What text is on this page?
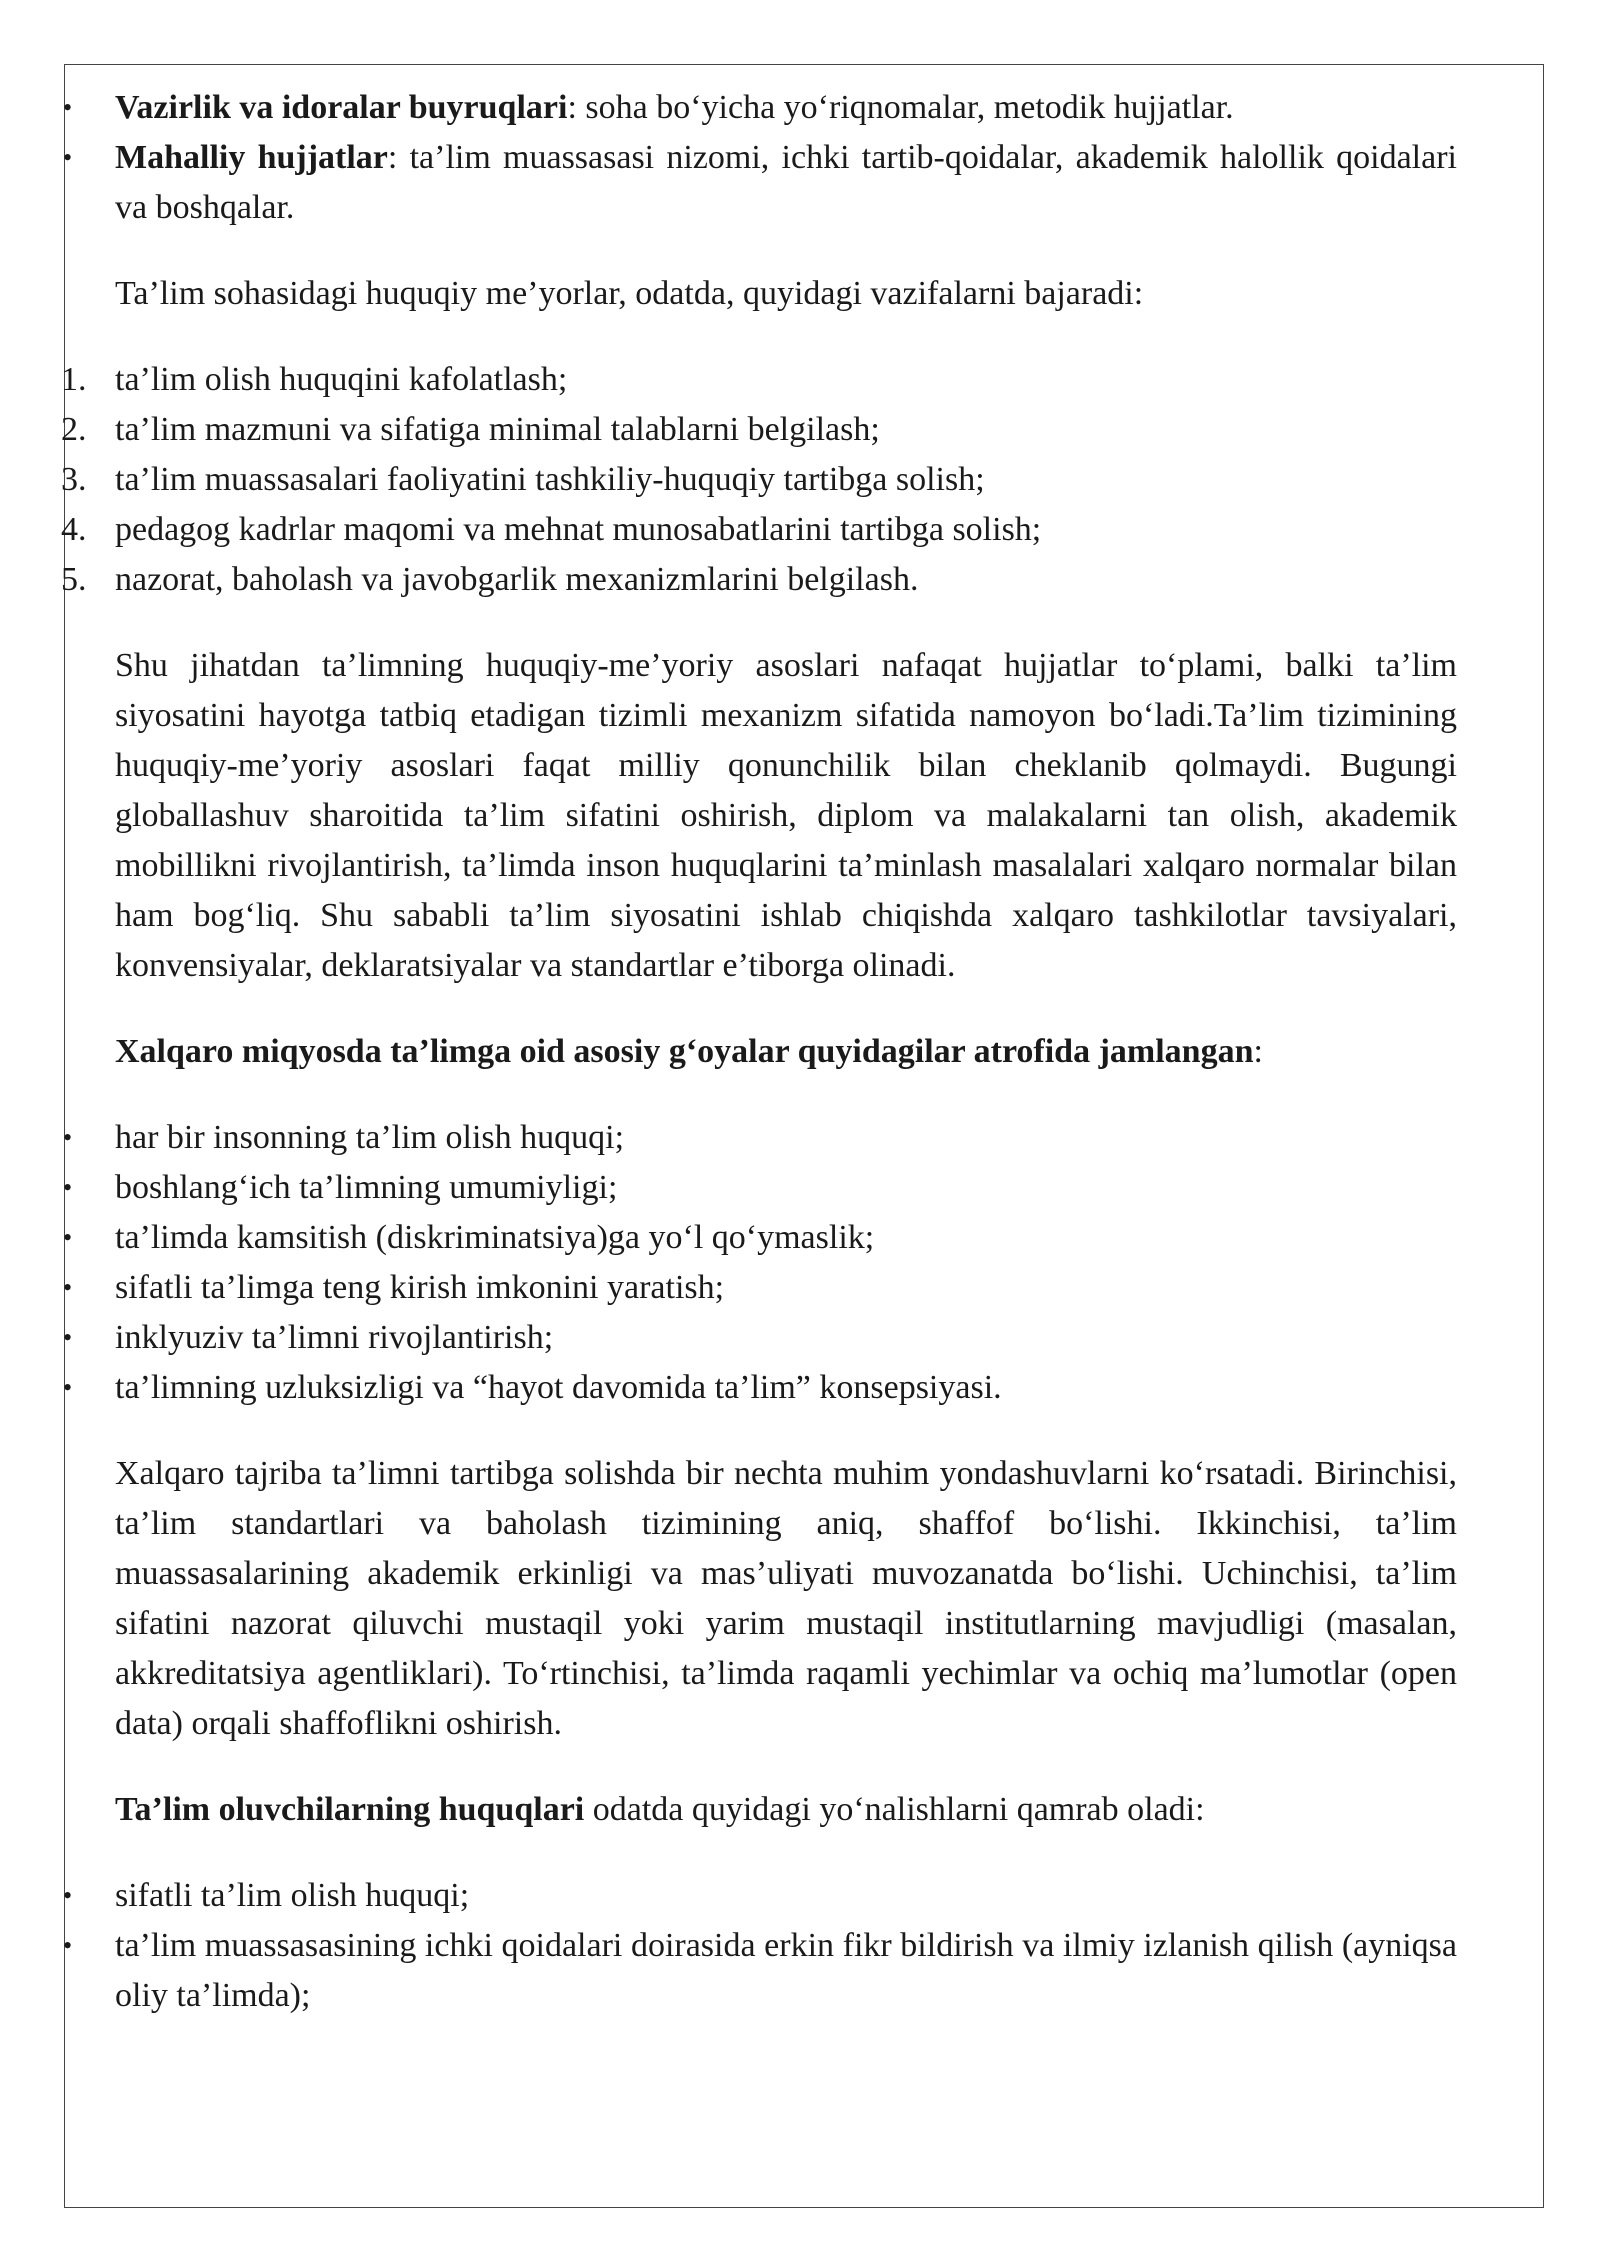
• Vazirlik va idoralar buyruqlari: soha bo‘yicha yo‘riqnomalar, metodik hujjatlar.
• Mahalliy hujjatlar: ta’lim muassasasi nizomi, ichki tartib-qoidalar, akademik halollik qoidalari va boshqalar.
Ta’lim sohasidagi huquqiy me’yorlar, odatda, quyidagi vazifalarni bajaradi:
1. ta’lim olish huquqini kafolatlash;
2. ta’lim mazmuni va sifatiga minimal talablarni belgilash;
3. ta’lim muassasalari faoliyatini tashkiliy-huquqiy tartibga solish;
4. pedagog kadrlar maqomi va mehnat munosabatlarini tartibga solish;
5. nazorat, baholash va javobgarlik mexanizmlarini belgilash.
Shu jihatdan ta’limning huquqiy-me’yoriy asoslari nafaqat hujjatlar to‘plami, balki ta’lim siyosatini hayotga tatbiq etadigan tizimli mexanizm sifatida namoyon bo‘ladi.Ta’lim tizimining huquqiy-me’yoriy asoslari faqat milliy qonunchilik bilan cheklanib qolmaydi. Bugungi globallashuv sharoitida ta’lim sifatini oshirish, diplom va malakalarni tan olish, akademik mobillikni rivojlantirish, ta’limda inson huquqlarini ta’minlash masalalari xalqaro normalar bilan ham bog‘liq. Shu sababli ta’lim siyosatini ishlab chiqishda xalqaro tashkilotlar tavsiyalari, konvensiyalar, deklaratsiyalar va standartlar e’tiborga olinadi.
Xalqaro miqyosda ta’limga oid asosiy g‘oyalar quyidagilar atrofida jamlangan:
• har bir insonning ta’lim olish huquqi;
• boshlang‘ich ta’limning umumiyligi;
• ta’limda kamsitish (diskriminatsiya)ga yo‘l qo‘ymaslik;
• sifatli ta’limga teng kirish imkonini yaratish;
• inklyuziv ta’limni rivojlantirish;
• ta’limning uzluksizligi va “hayot davomida ta’lim” konsepsiyasi.
Xalqaro tajriba ta’limni tartibga solishda bir nechta muhim yondashuvlarni ko‘rsatadi. Birinchisi, ta’lim standartlari va baholash tizimining aniq, shaffof bo‘lishi. Ikkinchisi, ta’lim muassasalarining akademik erkinligi va mas’uliyati muvozanatda bo‘lishi. Uchinchisi, ta’lim sifatini nazorat qiluvchi mustaqil yoki yarim mustaqil institutlarning mavjudligi (masalan, akkreditatsiya agentliklari). To‘rtinchisi, ta’limda raqamli yechimlar va ochiq ma’lumotlar (open data) orqali shaffoflikni oshirish.
Ta’lim oluvchilarning huquqlari odatda quyidagi yo‘nalishlarni qamrab oladi:
• sifatli ta’lim olish huquqi;
• ta’lim muassasasining ichki qoidalari doirasida erkin fikr bildirish va ilmiy izlanish qilish (ayniqsa oliy ta’limda);
